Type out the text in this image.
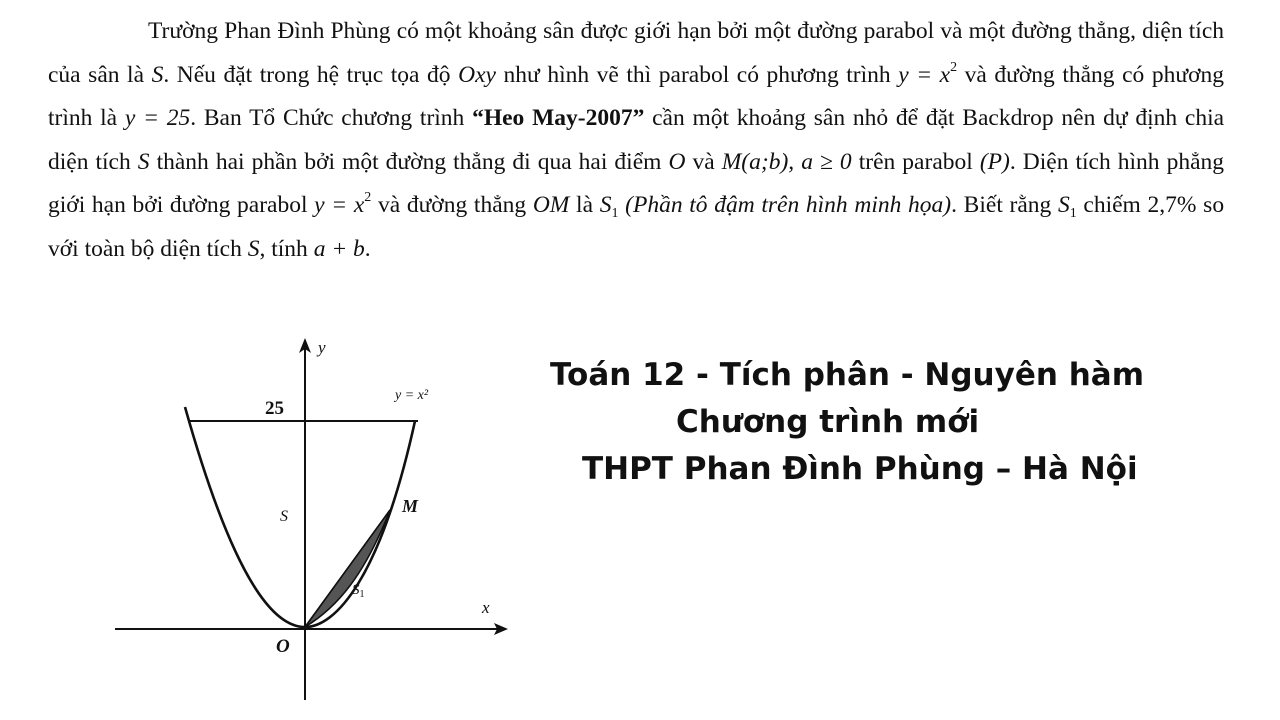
Trường Phan Đình Phùng có một khoảng sân được giới hạn bởi một đường parabol và một đường thẳng, diện tích của sân là S. Nếu đặt trong hệ trục tọa độ Oxy như hình vẽ thì parabol có phương trình $y = x^2$ và đường thẳng có phương trình là y = 25. Ban Tổ Chức chương trình “Heo May-2007” cần một khoảng sân nhỏ để đặt Backdrop nên dự định chia diện tích S thành hai phần bởi một đường thẳng đi qua hai điểm O và M(a;b), a ≥ 0 trên parabol (P). Diện tích hình phẳng giới hạn bởi đường parabol $y = x^2$ và đường thẳng OM là $S_1$ (Phần tô đậm trên hình minh họa). Biết rằng $S_1$ chiếm 2,7% so với toàn bộ diện tích S, tính a + b.

y
x
O
25
y = x²
S
M
$S_1$
Toán 12 - Tích phân - Nguyên hàm
Chương trình mới
THPT Phan Đình Phùng – Hà Nội
